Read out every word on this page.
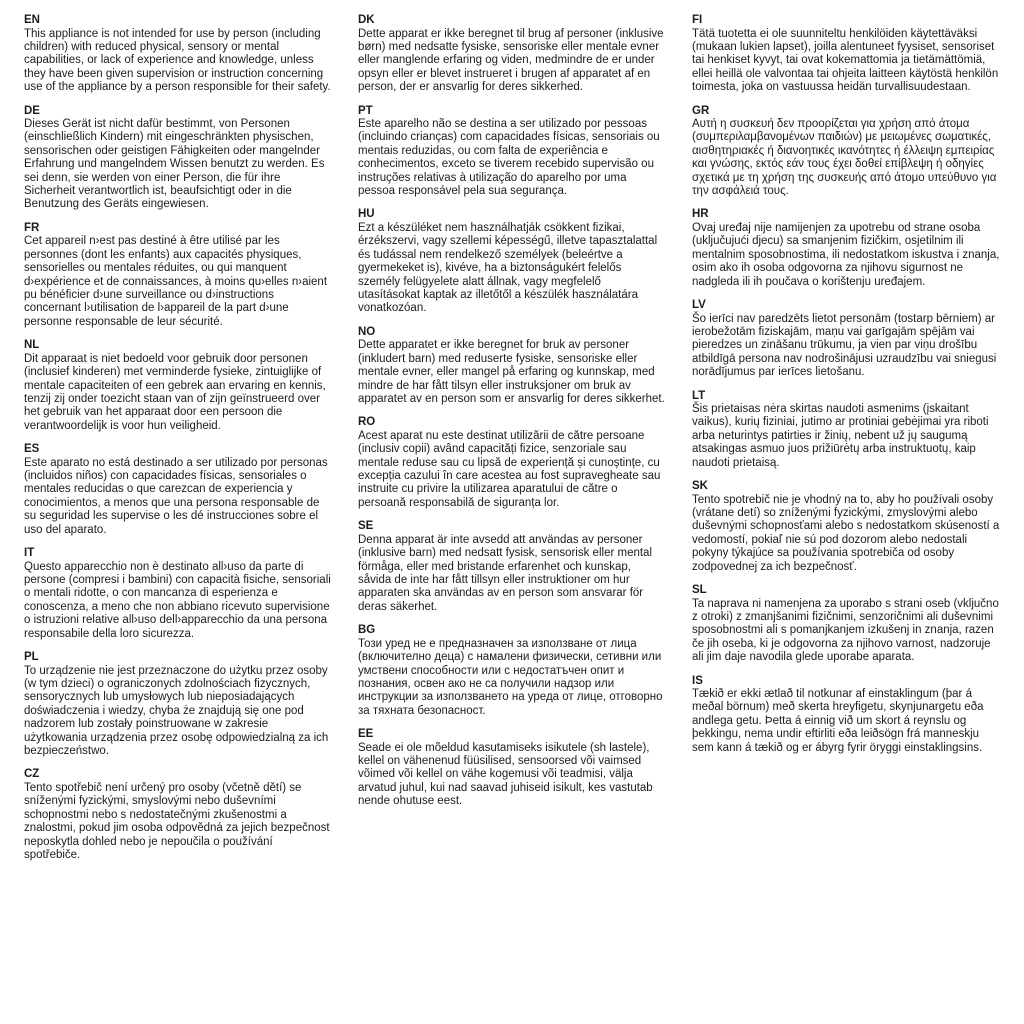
EN

This appliance is not intended for use by person (including children) with reduced physical, sensory or mental capabilities, or lack of experience and knowledge, unless they have been given supervision or instruction concerning use of the appliance by a person responsible for their safety.

DE

Dieses Gerät ist nicht dafür bestimmt, von Personen (einschließlich Kindern) mit eingeschränkten physischen, sensorischen oder geistigen Fähigkeiten oder mangelnder Erfahrung und mangelndem Wissen benutzt zu werden. Es sei denn, sie werden von einer Person, die für ihre Sicherheit verantwortlich ist, beaufsichtigt oder in die Benutzung des Geräts eingewiesen.

FR

Cet appareil n›est pas destiné à être utilisé par les personnes (dont les enfants) aux capacités physiques, sensorielles ou mentales réduites, ou qui manquent d›expérience et de connaissances, à moins qu›elles n›aient pu bénéficier d›une surveillance ou d›instructions concernant l›utilisation de l›appareil de la part d›une personne responsable de leur sécurité.

NL

Dit apparaat is niet bedoeld voor gebruik door personen (inclusief kinderen) met verminderde fysieke, zintuiglijke of mentale capaciteiten of een gebrek aan ervaring en kennis, tenzij zij onder toezicht staan van of zijn geïnstrueerd over het gebruik van het apparaat door een persoon die verantwoordelijk is voor hun veiligheid.

ES

Este aparato no está destinado a ser utilizado por personas (incluidos niños) con capacidades físicas, sensoriales o mentales reducidas o que carezcan de experiencia y conocimientos, a menos que una persona responsable de su seguridad les supervise o les dé instrucciones sobre el uso del aparato.

IT

Questo apparecchio non è destinato all›uso da parte di persone (compresi i bambini) con capacità fisiche, sensoriali o mentali ridotte, o con mancanza di esperienza e conoscenza, a meno che non abbiano ricevuto supervisione o istruzioni relative all›uso dell›apparecchio da una persona responsabile della loro sicurezza.

PL

To urządzenie nie jest przeznaczone do użytku przez osoby (w tym dzieci) o ograniczonych zdolnościach fizycznych, sensorycznych lub umysłowych lub nieposiadających doświadczenia i wiedzy, chyba że znajdują się one pod nadzorem lub zostały poinstruowane w zakresie użytkowania urządzenia przez osobę odpowiedzialną za ich bezpieczeństwo.

CZ

Tento spotřebič není určený pro osoby (včetně dětí) se sníženými fyzickými, smyslovými nebo duševními schopnostmi nebo s nedostatečnými zkušenostmi a znalostmi, pokud jim osoba odpovědná za jejich bezpečnost neposkytla dohled nebo je nepoučila o používání spotřebiče.

DK

Dette apparat er ikke beregnet til brug af personer (inklusive børn) med nedsatte fysiske, sensoriske eller mentale evner eller manglende erfaring og viden, medmindre de er under opsyn eller er blevet instrueret i brugen af apparatet af en person, der er ansvarlig for deres sikkerhed.

PT

Este aparelho não se destina a ser utilizado por pessoas (incluindo crianças) com capacidades físicas, sensoriais ou mentais reduzidas, ou com falta de experiência e conhecimentos, exceto se tiverem recebido supervisão ou instruções relativas à utilização do aparelho por uma pessoa responsável pela sua segurança.

HU

Ezt a készüléket nem használhatják csökkent fizikai, érzékszervi, vagy szellemi képességű, illetve tapasztalattal és tudással nem rendelkező személyek (beleértve a gyermekeket is), kivéve, ha a biztonságukért felelős személy felügyelete alatt állnak, vagy megfelelő utasításokat kaptak az illetőtől a készülék használatára vonatkozóan.

NO

Dette apparatet er ikke beregnet for bruk av personer (inkludert barn) med reduserte fysiske, sensoriske eller mentale evner, eller mangel på erfaring og kunnskap, med mindre de har fått tilsyn eller instruksjoner om bruk av apparatet av en person som er ansvarlig for deres sikkerhet.

RO

Acest aparat nu este destinat utilizării de către persoane (inclusiv copii) având capacități fizice, senzoriale sau mentale reduse sau cu lipsă de experiență și cunoștințe, cu excepția cazului în care acestea au fost supravegheate sau instruite cu privire la utilizarea aparatului de către o persoană responsabilă de siguranța lor.

SE

Denna apparat är inte avsedd att användas av personer (inklusive barn) med nedsatt fysisk, sensorisk eller mental förmåga, eller med bristande erfarenhet och kunskap, såvida de inte har fått tillsyn eller instruktioner om hur apparaten ska användas av en person som ansvarar för deras säkerhet.

BG

Този уред не е предназначен за използване от лица (включително деца) с намалени физически, сетивни или умствени способности или с недостатъчен опит и познания, освен ако не са получили надзор или инструкции за използването на уреда от лице, отговорно за тяхната безопасност.

EE

Seade ei ole mõeldud kasutamiseks isikutele (sh lastele), kellel on vähenenud füüsilised, sensoorsed või vaimsed võimed või kellel on vähe kogemusi või teadmisi, välja arvatud juhul, kui nad saavad juhiseid isikult, kes vastutab nende ohutuse eest.

FI

Tätä tuotetta ei ole suunniteltu henkilöiden käytettäväksi (mukaan lukien lapset), joilla alentuneet fyysiset, sensoriset tai henkiset kyvyt, tai ovat kokemattomia ja tietämättömiä, ellei heillä ole valvontaa tai ohjeita laitteen käytöstä henkilön toimesta, joka on vastuussa heidän turvallisuudestaan.

GR

Αυτή η συσκευή δεν προορίζεται για χρήση από άτομα (συμπεριλαμβανομένων παιδιών) με μειωμένες σωματικές, αισθητηριακές ή διανοητικές ικανότητες ή έλλειψη εμπειρίας και γνώσης, εκτός εάν τους έχει δοθεί επίβλεψη ή οδηγίες σχετικά με τη χρήση της συσκευής από άτομο υπεύθυνο για την ασφάλειά τους.

HR

Ovaj uređaj nije namijenjen za upotrebu od strane osoba (uključujući djecu) sa smanjenim fizičkim, osjetilnim ili mentalnim sposobnostima, ili nedostatkom iskustva i znanja, osim ako ih osoba odgovorna za njihovu sigurnost ne nadgleda ili ih poučava o korištenju uređajem.

LV

Šo ierīci nav paredzēts lietot personām (tostarp bērniem) ar ierobežotām fiziskajām, maņu vai garīgajām spējām vai pieredzes un zināšanu trūkumu, ja vien par viņu drošību atbildīgā persona nav nodrošinājusi uzraudzību vai sniegusi norādījumus par ierīces lietošanu.

LT

Šis prietaisas nėra skirtas naudoti asmenims (įskaitant vaikus), kurių fiziniai, jutimo ar protiniai gebėjimai yra riboti arba neturintys patirties ir žinių, nebent už jų saugumą atsakingas asmuo juos prižiūrėtų arba instruktuotų, kaip naudoti prietaisą.

SK

Tento spotrebič nie je vhodný na to, aby ho používali osoby (vrátane detí) so zníženými fyzickými, zmyslovými alebo duševnými schopnosťami alebo s nedostatkom skúseností a vedomostí, pokiaľ nie sú pod dozorom alebo nedostali pokyny týkajúce sa používania spotrebiča od osoby zodpovednej za ich bezpečnosť.

SL

Ta naprava ni namenjena za uporabo s strani oseb (vključno z otroki) z zmanjšanimi fizičnimi, senzoričnimi ali duševnimi sposobnostmi ali s pomanjkanjem izkušenj in znanja, razen če jih oseba, ki je odgovorna za njihovo varnost, nadzoruje ali jim daje navodila glede uporabe aparata.

IS

Tækið er ekki ætlað til notkunar af einstaklingum (þar á meðal börnum) með skerta hreyfigetu, skynjunargetu eða andlega getu. Þetta á einnig við um skort á reynslu og þekkingu, nema undir eftirliti eða leiðsögn frá manneskju sem kann á tækið og er ábyrg fyrir öryggi einstaklingsins.
